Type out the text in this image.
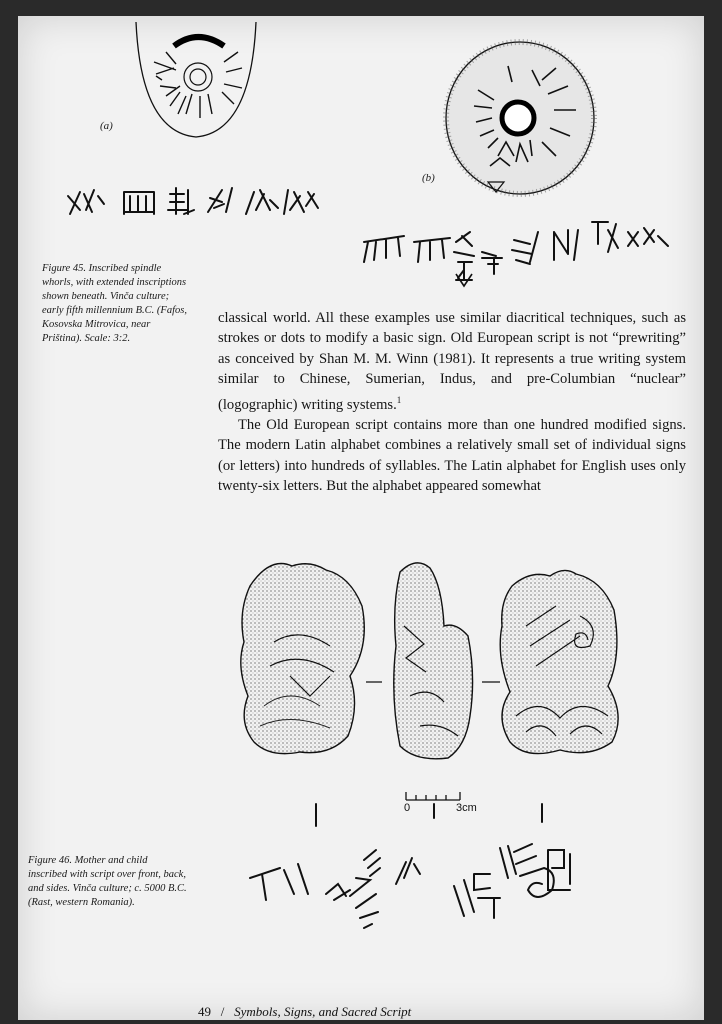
(a)
(b)
Figure 45. Inscribed spindle whorls, with extended inscriptions shown beneath. Vinča culture; early fifth millennium B.C. (Fafos, Kosovska Mitrovica, near Priština). Scale: 3:2.

classical world. All these examples use similar diacritical techniques, such as strokes or dots to modify a basic sign. Old European script is not “prewriting” as conceived by Shan M. M. Winn (1981). It represents a true writing system similar to Chinese, Sumerian, Indus, and pre-Columbian “nuclear” (logographic) writing systems.$^1$

The Old European script contains more than one hundred modified signs. The modern Latin alphabet combines a relatively small set of individual signs (or letters) into hundreds of syllables. The Latin alphabet for English uses only twenty-six letters. But the alphabet appeared somewhat

0	3cm
Figure 46. Mother and child inscribed with script over front, back, and sides. Vinča culture; c. 5000 B.C. (Rast, western Romania).
49 / Symbols, Signs, and Sacred Script
